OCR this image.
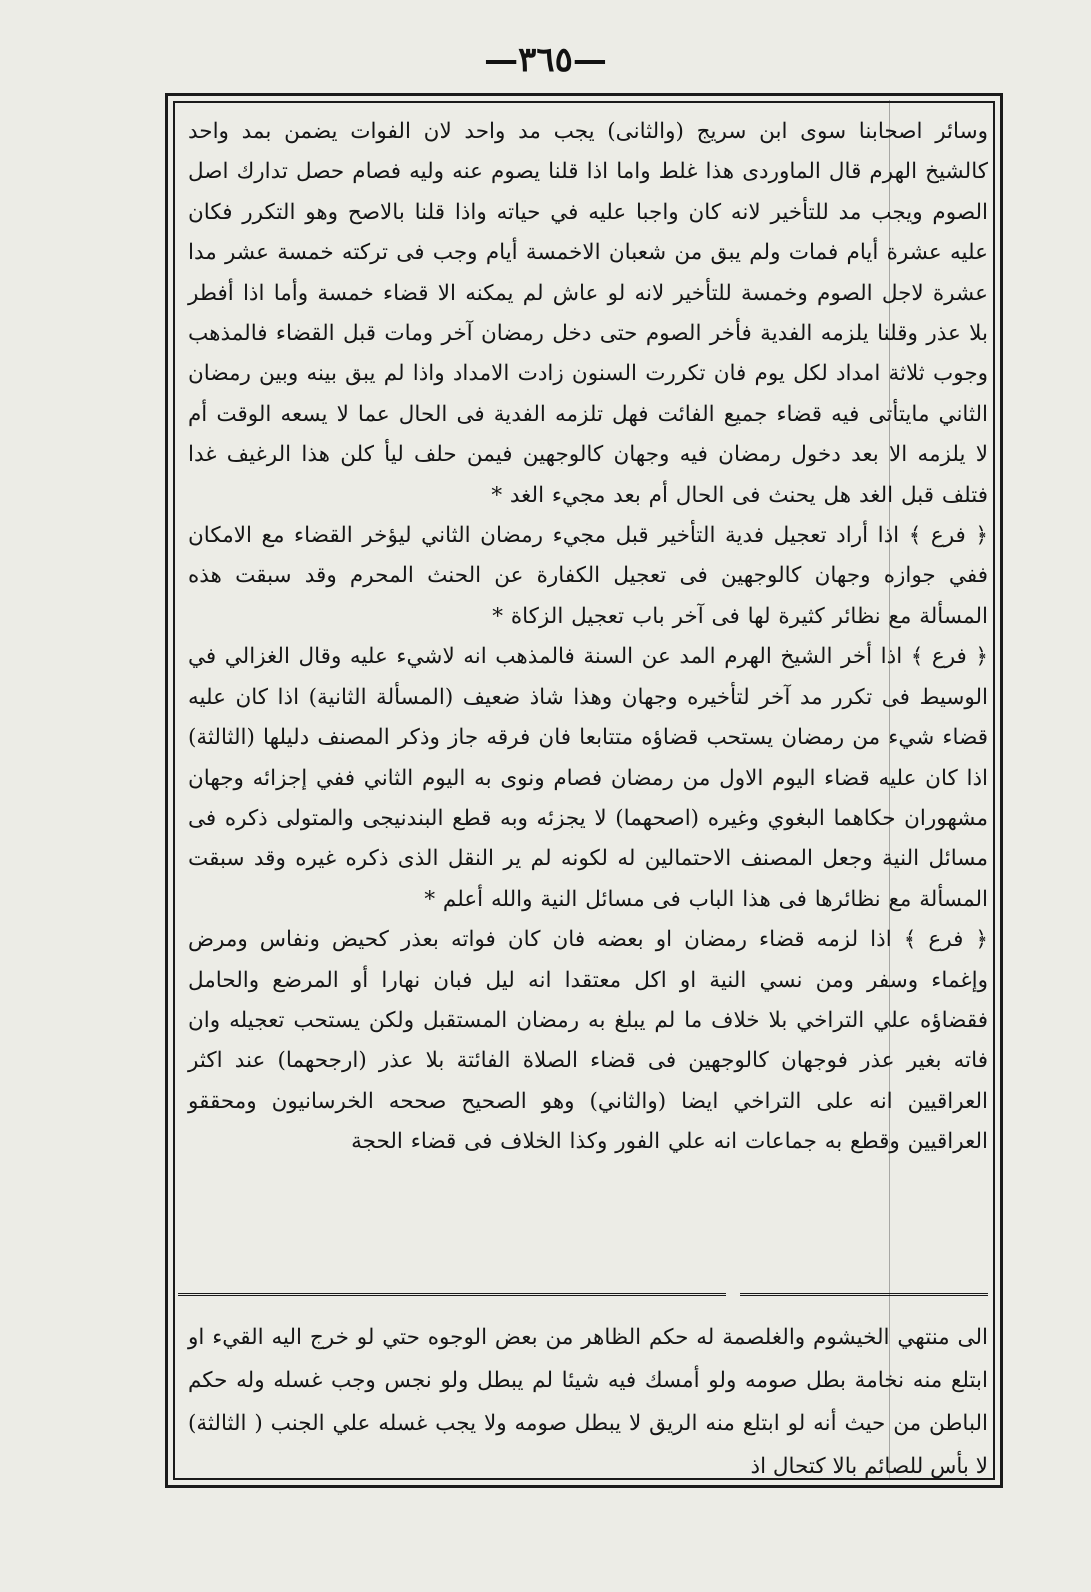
—٣٦٥—

وسائر اصحابنا سوى ابن سريج (والثانى) يجب مد واحد لان الفوات يضمن بمد واحد كالشيخ الهرم قال الماوردى هذا غلط واما اذا قلنا يصوم عنه وليه فصام حصل تدارك اصل الصوم ويجب مد للتأخير لانه كان واجبا عليه في حياته واذا قلنا بالاصح وهو التكرر فكان عليه عشرة أيام فمات ولم يبق من شعبان الاخمسة أيام وجب فى تركته خمسة عشر مدا عشرة لاجل الصوم وخمسة للتأخير لانه لو عاش لم يمكنه الا قضاء خمسة وأما اذا أفطر بلا عذر وقلنا يلزمه الفدية فأخر الصوم حتى دخل رمضان آخر ومات قبل القضاء فالمذهب وجوب ثلاثة امداد لكل يوم فان تكررت السنون زادت الامداد واذا لم يبق بينه وبين رمضان الثاني مايتأتى فيه قضاء جميع الفائت فهل تلزمه الفدية فى الحال عما لا يسعه الوقت أم لا يلزمه الا بعد دخول رمضان فيه وجهان كالوجهين فيمن حلف ليأ كلن هذا الرغيف غدا فتلف قبل الغد هل يحنث فى الحال أم بعد مجيء الغد *

﴿ فرع ﴾ اذا أراد تعجيل فدية التأخير قبل مجيء رمضان الثاني ليؤخر القضاء مع الامكان ففي جوازه وجهان كالوجهين فى تعجيل الكفارة عن الحنث المحرم وقد سبقت هذه المسألة مع نظائر كثيرة لها فى آخر باب تعجيل الزكاة *

﴿ فرع ﴾ اذا أخر الشيخ الهرم المد عن السنة فالمذهب انه لاشيء عليه وقال الغزالي في الوسيط فى تكرر مد آخر لتأخيره وجهان وهذا شاذ ضعيف (المسألة الثانية) اذا كان عليه قضاء شيء من رمضان يستحب قضاؤه متتابعا فان فرقه جاز وذكر المصنف دليلها (الثالثة) اذا كان عليه قضاء اليوم الاول من رمضان فصام ونوى به اليوم الثاني ففي إجزائه وجهان مشهوران حكاهما البغوي وغيره (اصحهما) لا يجزئه وبه قطع البندنيجى والمتولى ذكره فى مسائل النية وجعل المصنف الاحتمالين له لكونه لم ير النقل الذى ذكره غيره وقد سبقت المسألة مع نظائرها فى هذا الباب فى مسائل النية والله أعلم *

﴿ فرع ﴾ اذا لزمه قضاء رمضان او بعضه فان كان فواته بعذر كحيض ونفاس ومرض وإغماء وسفر ومن نسي النية او اكل معتقدا انه ليل فبان نهارا أو المرضع والحامل فقضاؤه علي التراخي بلا خلاف ما لم يبلغ به رمضان المستقبل ولكن يستحب تعجيله وان فاته بغير عذر فوجهان كالوجهين فى قضاء الصلاة الفائتة بلا عذر (ارجحهما) عند اكثر العراقيين انه على التراخي ايضا (والثاني) وهو الصحيح صححه الخرسانيون ومحققو العراقيين وقطع به جماعات انه علي الفور وكذا الخلاف فى قضاء الحجة

الى منتهي الخيشوم والغلصمة له حكم الظاهر من بعض الوجوه حتي لو خرج اليه القيء او ابتلع منه نخامة بطل صومه ولو أمسك فيه شيئا لم يبطل ولو نجس وجب غسله وله حكم الباطن من حيث أنه لو ابتلع منه الريق لا يبطل صومه ولا يجب غسله علي الجنب ( الثالثة) لا بأس للصائم بالا كتحال اذ
